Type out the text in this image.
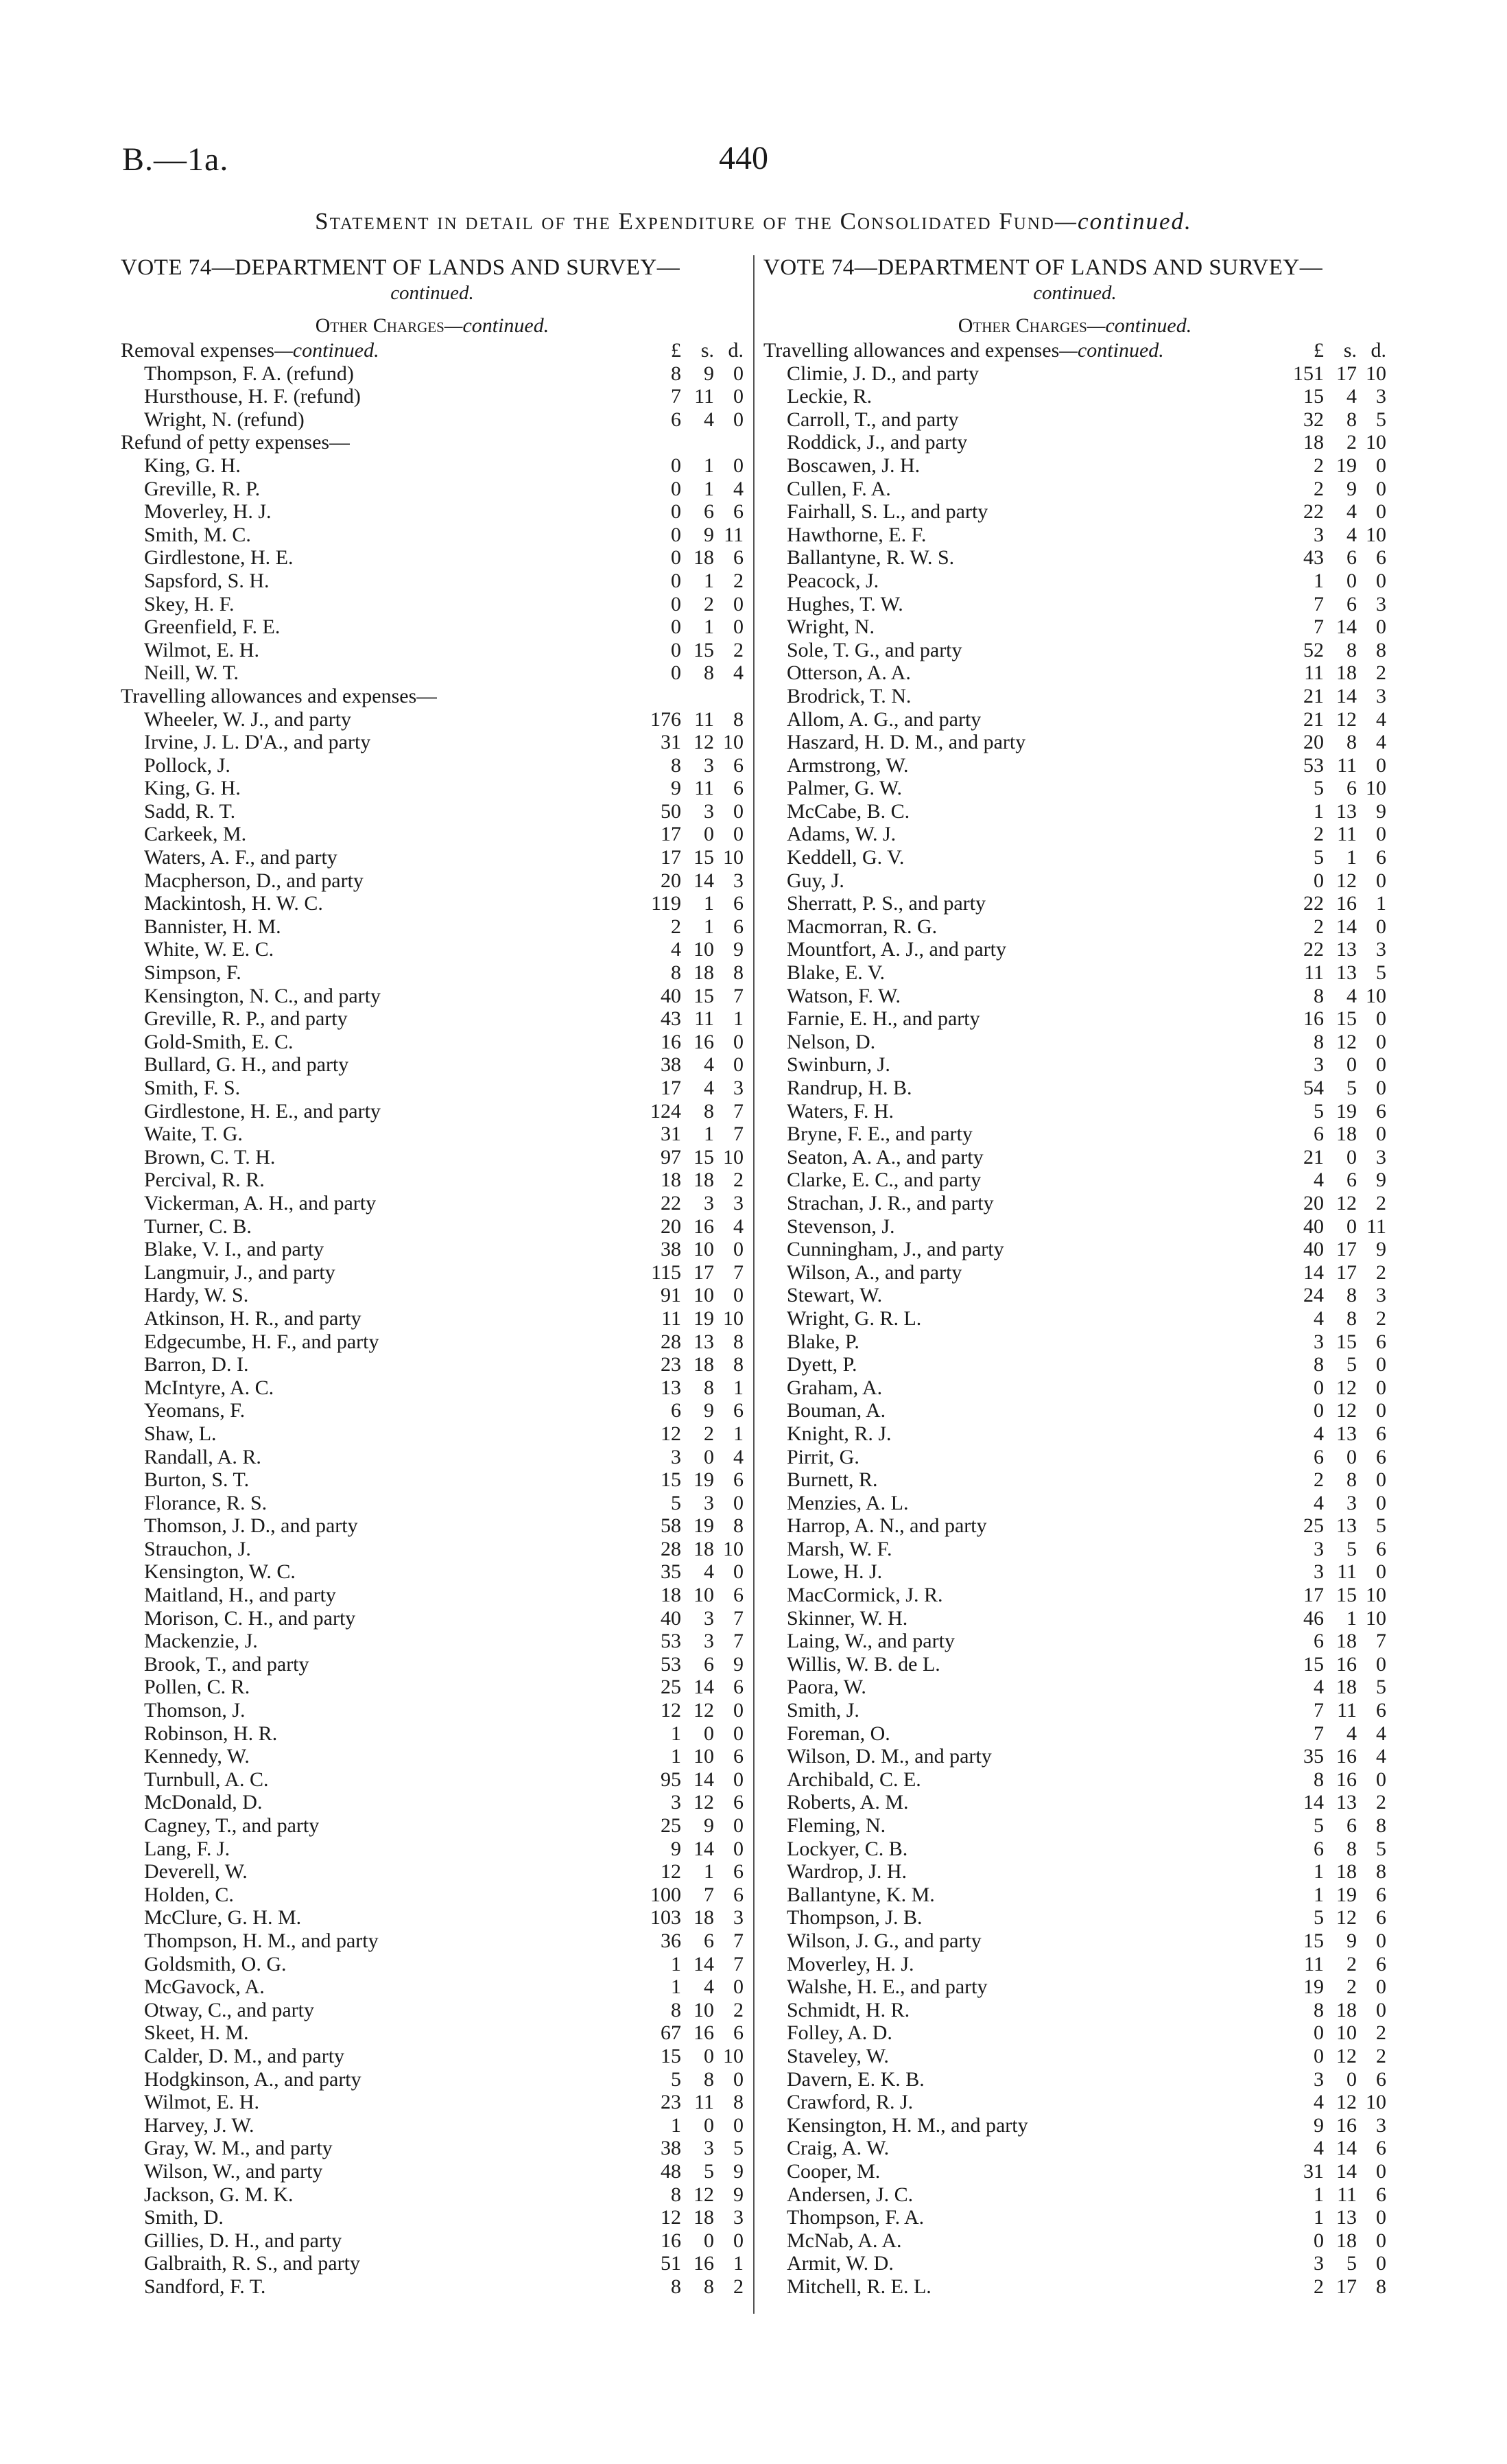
B.—1a.	440
Statement in detail of the Expenditure of the Consolidated Fund—continued.
VOTE 74—DEPARTMENT OF LANDS AND SURVEY—
continued.
Other Charges—continued.
Removal expenses—continued.	£ s. d.
Thompson, F. A. (refund)	8	9 0
Hursthouse, H. F. (refund)	7 11 0
Wright, N. (refund)	6	4 0
Refund of petty expenses—
King, G. H.	0	1 0
Greville, R. P.	0	1 4
Moverley, H. J.	0	6 6
Smith, M. C.	0	9 11
Girdlestone, H. E.	0 18 6
Sapsford, S. H.	0	1 2
Skey, H. F.	0	2 0
Greenfield, F. E.	0	1 0
Wilmot, E. H.	0 15 2
Neill, W. T.	0	8 4
Travelling allowances and expenses—
Wheeler, W. J., and party	176 11 8
Irvine, J. L. D'A., and party	31 12 10
Pollock, J.	8	3 6
King, G. H.	9 11 6
Sadd, R. T.	50	3 0
Carkeek, M.	17	0 0
Waters, A. F., and party	17 15 10
Macpherson, D., and party	20 14 3
Mackintosh, H. W. C.	119	1 6
Bannister, H. M.	2	1 6
White, W. E. C.	4 10 9
Simpson, F.	8 18 8
Kensington, N. C., and party	40 15 7
Greville, R. P., and party	43 11 1
Gold-Smith, E. C.	16 16 0
Bullard, G. H., and party	38	4 0
Smith, F. S.	17	4 3
Girdlestone, H. E., and party	124	8 7
Waite, T. G.	31	1 7
Brown, C. T. H.	97 15 10
Percival, R. R.	18 18 2
Vickerman, A. H., and party	22	3 3
Turner, C. B.	20 16 4
Blake, V. I., and party	38 10 0
Langmuir, J., and party	115 17 7
Hardy, W. S.	91 10 0
Atkinson, H. R., and party	11 19 10
Edgecumbe, H. F., and party	28 13 8
Barron, D. I.	23 18 8
McIntyre, A. C.	13	8 1
Yeomans, F.	6	9 6
Shaw, L.	12	2 1
Randall, A. R.	3	0 4
Burton, S. T.	15 19 6
Florance, R. S.	5	3 0
Thomson, J. D., and party	58 19 8
Strauchon, J.	28 18 10
Kensington, W. C.	35	4 0
Maitland, H., and party	18 10 6
Morison, C. H., and party	40	3 7
Mackenzie, J.	53	3 7
Brook, T., and party	53	6 9
Pollen, C. R.	25 14 6
Thomson, J.	12 12 0
Robinson, H. R.	1	0 0
Kennedy, W.	1 10 6
Turnbull, A. C.	95 14 0
McDonald, D.	3 12 6
Cagney, T., and party	25	9 0
Lang, F. J.	9 14 0
Deverell, W.	12	1 6
Holden, C.	100	7 6
McClure, G. H. M.	103 18 3
Thompson, H. M., and party	36	6 7
Goldsmith, O. G.	1 14 7
McGavock, A.	1	4 0
Otway, C., and party	8 10 2
Skeet, H. M.	67 16 6
Calder, D. M., and party	15	0 10
Hodgkinson, A., and party	5	8 0
Wilmot, E. H.	23 11 8
Harvey, J. W.	1	0 0
Gray, W. M., and party	38	3 5
Wilson, W., and party	48	5 9
Jackson, G. M. K.	8 12 9
Smith, D.	12 18 3
Gillies, D. H., and party	16	0 0
Galbraith, R. S., and party	51 16 1
Sandford, F. T.	8	8 2
VOTE 74—DEPARTMENT OF LANDS AND SURVEY—
continued.
Other Charges—continued.
Travelling allowances and expenses—continued.	£ s. d.
Climie, J. D., and party	151 17 10
Leckie, R.	15	4 3
Carroll, T., and party	32	8 5
Roddick, J., and party	18	2 10
Boscawen, J. H.	2 19 0
Cullen, F. A.	2	9 0
Fairhall, S. L., and party	22	4 0
Hawthorne, E. F.	3	4 10
Ballantyne, R. W. S.	43	6 6
Peacock, J.	1	0 0
Hughes, T. W.	7	6 3
Wright, N.	7 14 0
Sole, T. G., and party	52	8 8
Otterson, A. A.	11 18 2
Brodrick, T. N.	21 14 3
Allom, A. G., and party	21 12 4
Haszard, H. D. M., and party	20	8 4
Armstrong, W.	53 11 0
Palmer, G. W.	5	6 10
McCabe, B. C.	1 13 9
Adams, W. J.	2 11 0
Keddell, G. V.	5	1 6
Guy, J.	0 12 0
Sherratt, P. S., and party	22 16 1
Macmorran, R. G.	2 14 0
Mountfort, A. J., and party	22 13 3
Blake, E. V.	11 13 5
Watson, F. W.	8	4 10
Farnie, E. H., and party	16 15 0
Nelson, D.	8 12 0
Swinburn, J.	3	0 0
Randrup, H. B.	54	5 0
Waters, F. H.	5 19 6
Bryne, F. E., and party	6 18 0
Seaton, A. A., and party	21	0 3
Clarke, E. C., and party	4	6 9
Strachan, J. R., and party	20 12 2
Stevenson, J.	40	0 11
Cunningham, J., and party	40 17 9
Wilson, A., and party	14 17 2
Stewart, W.	24	8 3
Wright, G. R. L.	4	8 2
Blake, P.	3 15 6
Dyett, P.	8	5 0
Graham, A.	0 12 0
Bouman, A.	0 12 0
Knight, R. J.	4 13 6
Pirrit, G.	6	0 6
Burnett, R.	2	8 0
Menzies, A. L.	4	3 0
Harrop, A. N., and party	25 13 5
Marsh, W. F.	3	5 6
Lowe, H. J.	3 11 0
MacCormick, J. R.	17 15 10
Skinner, W. H.	46	1 10
Laing, W., and party	6 18 7
Willis, W. B. de L.	15 16 0
Paora, W.	4 18 5
Smith, J.	7 11 6
Foreman, O.	7	4 4
Wilson, D. M., and party	35 16 4
Archibald, C. E.	8 16 0
Roberts, A. M.	14 13 2
Fleming, N.	5	6 8
Lockyer, C. B.	6	8 5
Wardrop, J. H.	1 18 8
Ballantyne, K. M.	1 19 6
Thompson, J. B.	5 12 6
Wilson, J. G., and party	15	9 0
Moverley, H. J.	11	2 6
Walshe, H. E., and party	19	2 0
Schmidt, H. R.	8 18 0
Folley, A. D.	0 10 2
Staveley, W.	0 12 2
Davern, E. K. B.	3	0 6
Crawford, R. J.	4 12 10
Kensington, H. M., and party	9 16 3
Craig, A. W.	4 14 6
Cooper, M.	31 14 0
Andersen, J. C.	1 11 6
Thompson, F. A.	1 13 0
McNab, A. A.	0 18 0
Armit, W. D.	3	5 0
Mitchell, R. E. L.	2 17 8
